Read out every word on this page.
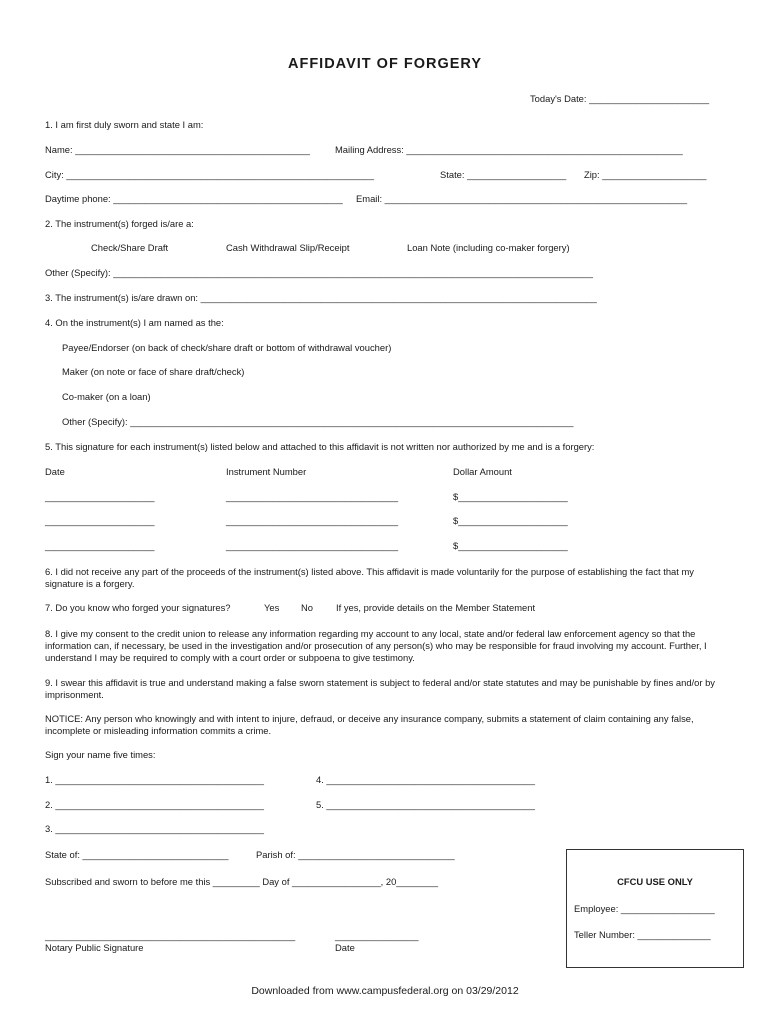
AFFIDAVIT OF FORGERY
Today's Date: _______________________
1. I am first duly sworn and state I am:
Name: _____________________________________________	Mailing Address: _____________________________________________________
City: ___________________________________________________________	State: ___________________ Zip: ____________________
Daytime phone: ____________________________________________ Email: __________________________________________________________
2. The instrument(s) forged is/are a:
Check/Share Draft	Cash Withdrawal Slip/Receipt	Loan Note (including co-maker forgery)
Other (Specify): ____________________________________________________________________________________________
3. The instrument(s) is/are drawn on: ____________________________________________________________________________
4. On the instrument(s) I am named as the:
Payee/Endorser (on back of check/share draft or bottom of withdrawal voucher)
Maker (on note or face of share draft/check)
Co-maker (on a loan)
Other (Specify): _____________________________________________________________________________________
5. This signature for each instrument(s) listed below and attached to this affidavit is not written nor authorized by me and is a forgery:
Date	Instrument Number	Dollar Amount
_____________________	_________________________________	$_____________________
_____________________	_________________________________	$_____________________
_____________________	_________________________________	$_____________________
6. I did not receive any part of the proceeds of the instrument(s) listed above. This affidavit is made voluntarily for the purpose of establishing the fact that my signature is a forgery.
7. Do you know who forged your signatures?	Yes No If yes, provide details on the Member Statement
8. I give my consent to the credit union to release any information regarding my account to any local, state and/or federal law enforcement agency so that the information can, if necessary, be used in the investigation and/or prosecution of any person(s) who may be responsible for fraud involving my account. Further, I understand I may be required to comply with a court order or subpoena to give testimony.
9. I swear this affidavit is true and understand making a false sworn statement is subject to federal and/or state statutes and may be punishable by fines and/or by imprisonment.
NOTICE: Any person who knowingly and with intent to injure, defraud, or deceive any insurance company, submits a statement of claim containing any false, incomplete or misleading information commits a crime.
Sign your name five times:
1. ________________________________________	4. ________________________________________
2. ________________________________________	5. ________________________________________
3. ________________________________________
State of: ____________________________	Parish of: ______________________________
Subscribed and sworn to before me this _________ Day of _________________, 20________
________________________________________________
Notary Public Signature
________________
Date
CFCU USE ONLY
Employee: __________________
Teller Number: ______________
Downloaded from www.campusfederal.org on 03/29/2012
